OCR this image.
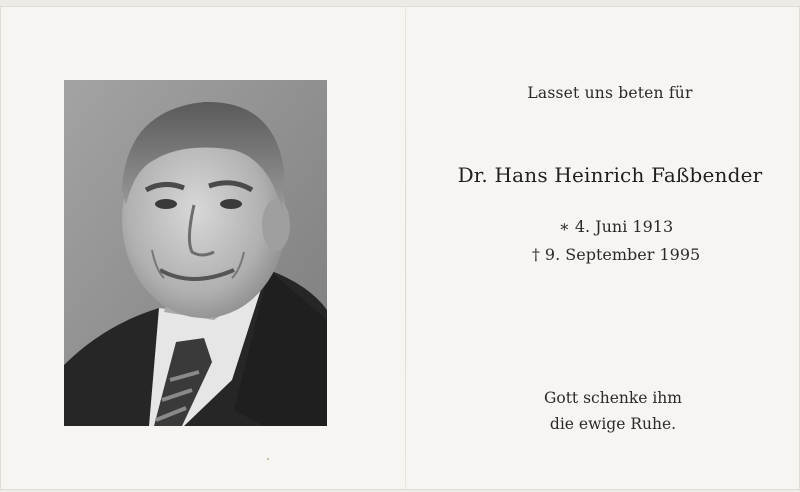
Lasset uns beten für
Dr. Hans Heinrich Faßbender
∗ 4. Juni 1913
† 9. September 1995
Gott schenke ihm
die ewige Ruhe.
